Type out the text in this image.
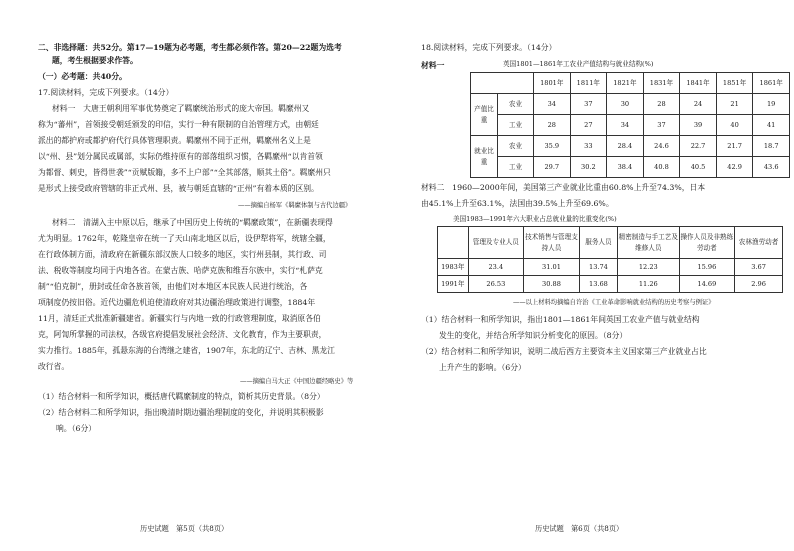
二、非选择题：共52分。第17—19题为必考题，考生都必须作答。第20—22题为选考
题，考生根据要求作答。
（一）必考题：共40分。
17.阅读材料，完成下列要求。（14分）
材料一　大唐王朝利用军事优势奠定了羁縻统治形式的庞大帝国。羁縻州又
称为“蕃州”，首领接受朝廷颁发的印信，实行一种有限制的自治管理方式，由朝廷
派出的都护府或都护府代行具体管理职责。羁縻州不同于正州，羁縻州名义上是
以“州、县”划分属民或属部，实际仍维持原有的部落组织习惯，各羁縻州“以肯首领
为都督、刺史，皆得世袭”“贡赋版籍，多不上户部”“全其部落，顺其土俗”。羁縻州只
是形式上接受政府管辖的非正式州、县，被与朝廷直辖的“正州”有着本质的区别。
——摘编自杨军《羁縻体制与古代边疆》
材料二　清湖入主中原以后，继承了中国历史上传统的“羁縻政策”，在新疆表现得
尤为明显。1762年，乾隆皇帝在统一了天山南北地区以后，设伊犁将军，统辖全疆，
在行政体制方面，清政府在新疆东部汉族人口较多的地区，实行州县制，其行政、司
法、税收等制度均同于内地各省。在蒙古族、哈萨克族和维吾尔族中，实行“札萨克
制”“伯克制”，册封或任命各族首领，由他们对本地区本民族人民进行统治，各
项制度仍按旧俗。近代边疆危机迫使清政府对其边疆治理政策进行调整，1884年
11月，清廷正式批准新疆建省。新疆实行与内地一致的行政管理制度，取消原各伯
克，阿訇所掌握的司法权，各级官府提倡发展社会经济、文化教育，作为主要职责，
实力推行。1885年，孤悬东海的台湾继之建省，1907年，东北的辽宁、吉林、黑龙江
改行省。
——摘编自马大正《中国边疆经略史》等
（1）结合材料一和所学知识，概括唐代羁縻制度的特点，简析其历史背景。（8分）
（2）结合材料二和所学知识，指出晚清时期边疆治理制度的变化，并说明其积极影
响。（6分）
历史试题　第5页（共8页）
18.阅读材料，完成下列要求。（14分）
材料一	英国1801—1861年工农业产值结构与就业结构(%)
		1801年	1811年	1821年	1831年	1841年	1851年	1861年
产值比重	农业	34	37	30	28	24	21	19
	工业	28	27	34	37	39	40	41
就业比重	农业	35.9	33	28.4	24.6	22.7	21.7	18.7
	工业	29.7	30.2	38.4	40.8	40.5	42.9	43.6
材料二　1960—2000年间，美国第三产业就业比重由60.8%上升至74.3%，日本
由45.1%上升至63.1%，法国由39.5%上升至69.6%。
美国1983—1991年六大职业占总就业量的比重变化(%)
	管理及专业人员	技术销售与管理支持人员	服务人员	精密制造与手工艺及维修人员	操作人员及非熟练劳动者	农林渔劳动者
1983年	23.4	31.01	13.74	12.23	15.96	3.67
1991年	26.53	30.88	13.68	11.26	14.69	2.96
——以上材料均摘编自许治《工业革命影响就业结构的历史考察与例证》
（1）结合材料一和所学知识，指出1801—1861年间英国工农业产值与就业结构
发生的变化，并结合所学知识分析变化的原因。（8分）
（2）结合材料二和所学知识，说明二战后西方主要资本主义国家第三产业就业占比
上升产生的影响。（6分）
历史试题　第6页（共8页）
